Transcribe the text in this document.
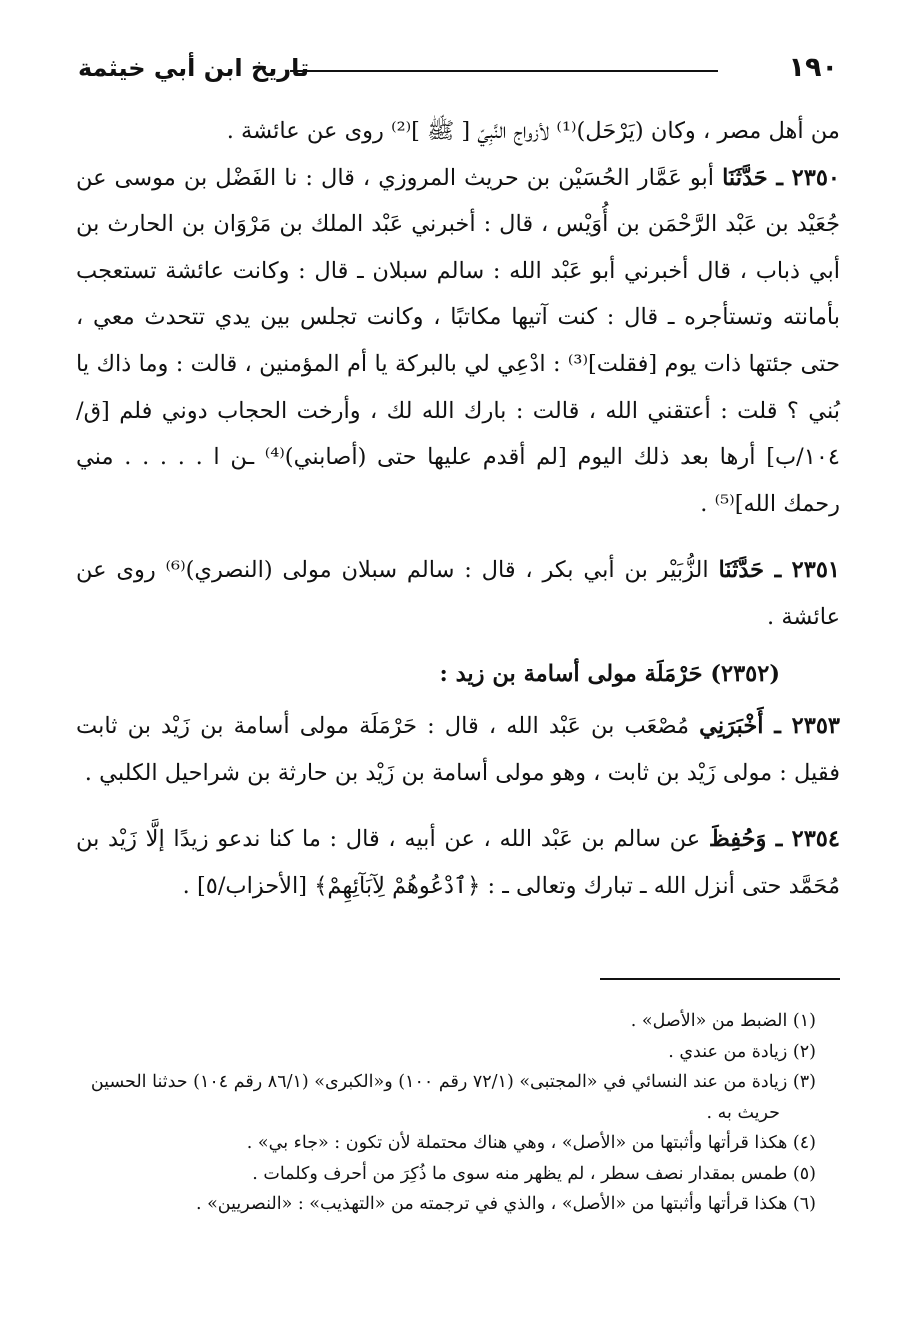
١٩٠
تاريخ ابن أبي خيثمة

من أهل مصر ، وكان (يَرْحَل)⁽¹⁾ لأزواج النَّبِيّ [ ﷺ ]⁽²⁾ روى عن عائشة .

٢٣٥٠ ـ حَدَّثَنَا أبو عَمَّار الحُسَيْن بن حريث المروزي ، قال : نا الفَضْل بن موسى عن جُعَيْد بن عَبْد الرَّحْمَن بن أُوَيْس ، قال : أخبرني عَبْد الملك بن مَرْوَان بن الحارث بن أبي ذباب ، قال أخبرني أبو عَبْد الله : سالم سبلان ـ قال : وكانت عائشة تستعجب بأمانته وتستأجره ـ قال : كنت آتيها مكاتبًا ، وكانت تجلس بين يدي تتحدث معي ، حتى جئتها ذات يوم [فقلت]⁽³⁾ : ادْعِي لي بالبركة يا أم المؤمنين ، قالت : وما ذاك يا بُني ؟ قلت : أعتقني الله ، قالت : بارك الله لك ، وأرخت الحجاب دوني فلم [ق/١٠٤/ب] أرها بعد ذلك اليوم [لم أقدم عليها حتى (أصابني)⁽⁴⁾ ـن ا . . . . . مني رحمك الله]⁽⁵⁾ .

٢٣٥١ ـ حَدَّثَنَا الزُّبَيْر بن أبي بكر ، قال : سالم سبلان مولى (النصري)⁽⁶⁾ روى عن عائشة .

(٢٣٥٢) حَرْمَلَة مولى أسامة بن زيد :

٢٣٥٣ ـ أَخْبَرَنِي مُصْعَب بن عَبْد الله ، قال : حَرْمَلَة مولى أسامة بن زَيْد بن ثابت فقيل : مولى زَيْد بن ثابت ، وهو مولى أسامة بن زَيْد بن حارثة بن شراحيل الكلبي .

٢٣٥٤ ـ وَحُفِظَ عن سالم بن عَبْد الله ، عن أبيه ، قال : ما كنا ندعو زيدًا إلَّا زَيْد بن مُحَمَّد حتى أنزل الله ـ تبارك وتعالى ـ : ﴿ٱدْعُوهُمْ لِآبَآئِهِمْ﴾ [الأحزاب/٥] .

(١) الضبط من «الأصل» .

(٢) زيادة من عندي .

(٣) زيادة من عند النسائي في «المجتبى» (٧٢/١ رقم ١٠٠) و«الكبرى» (٨٦/١ رقم ١٠٤) حدثنا الحسين

حريث به .

(٤) هكذا قرأتها وأثبتها من «الأصل» ، وهي هناك محتملة لأن تكون : «جاء بي» .

(٥) طمس بمقدار نصف سطر ، لم يظهر منه سوى ما ذُكِرَ من أحرف وكلمات .

(٦) هكذا قرأتها وأثبتها من «الأصل» ، والذي في ترجمته من «التهذيب» : «النصريين» .
